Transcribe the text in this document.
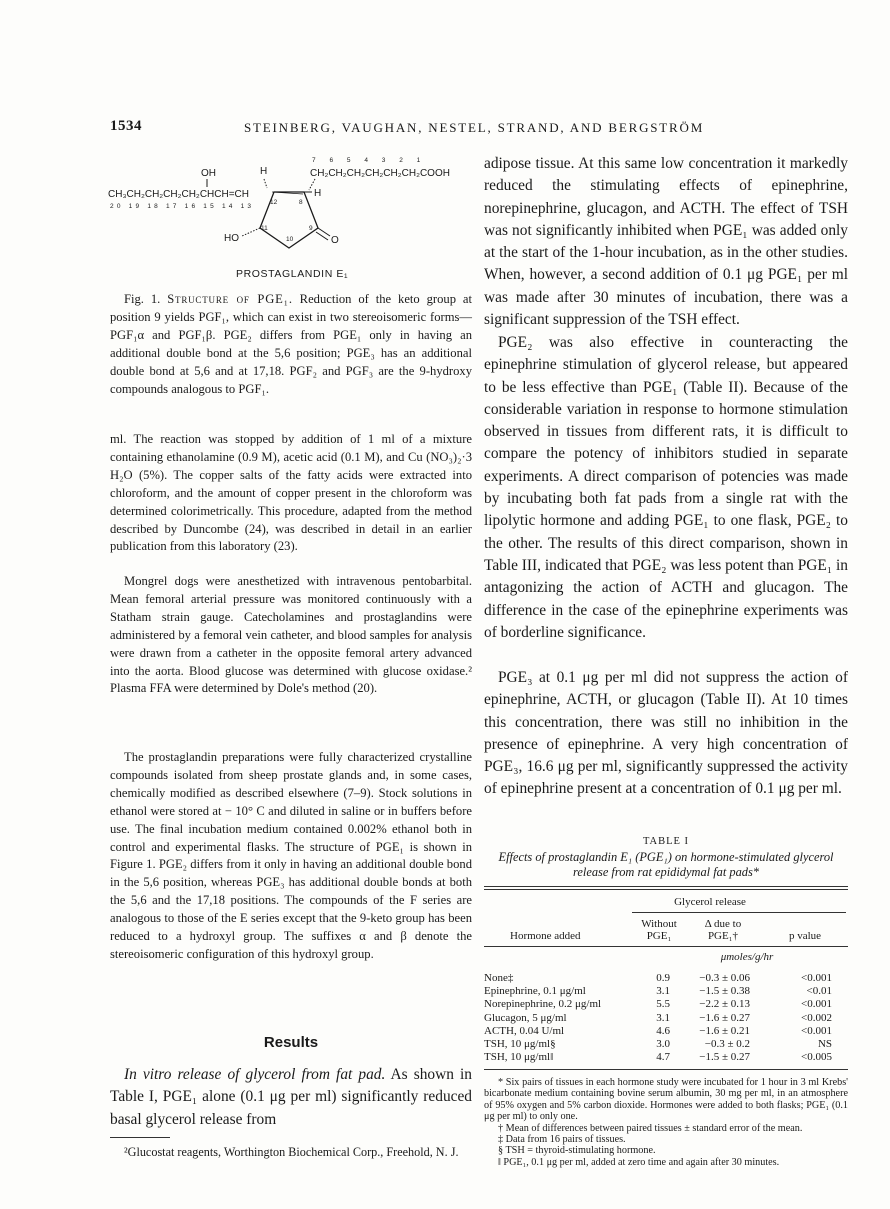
1534	STEINBERG, VAUGHAN, NESTEL, STRAND, AND BERGSTRÖM
OH
CH₃CH₂CH₂CH₂CH₂CHCH=CH
20 19 18 17 16 15 14 13
H
7 6 5 4 3 2 1
CH₂CH₂CH₂CH₂CH₂CH₂COOH
12	8
11
10
9
H
HO	O
PROSTAGLANDIN E₁

Fig. 1. Structure of PGE₁. Reduction of the keto group at position 9 yields PGF₁, which can exist in two stereoisomeric forms—PGF₁α and PGF₁β. PGE₂ differs from PGE₁ only in having an additional double bond at the 5,6 position; PGE₃ has an additional double bond at 5,6 and at 17,18. PGF₂ and PGF₃ are the 9-hydroxy compounds analogous to PGF₁.

ml. The reaction was stopped by addition of 1 ml of a mixture containing ethanolamine (0.9 M), acetic acid (0.1 M), and Cu (NO₃)₂·3 H₂O (5%). The copper salts of the fatty acids were extracted into chloroform, and the amount of copper present in the chloroform was determined colorimetrically. This procedure, adapted from the method described by Duncombe (24), was described in detail in an earlier publication from this laboratory (23).

Mongrel dogs were anesthetized with intravenous pentobarbital. Mean femoral arterial pressure was monitored continuously with a Statham strain gauge. Catecholamines and prostaglandins were administered by a femoral vein catheter, and blood samples for analysis were drawn from a catheter in the opposite femoral artery advanced into the aorta. Blood glucose was determined with glucose oxidase.² Plasma FFA were determined by Dole's method (20).

The prostaglandin preparations were fully characterized crystalline compounds isolated from sheep prostate glands and, in some cases, chemically modified as described elsewhere (7–9). Stock solutions in ethanol were stored at − 10° C and diluted in saline or in buffers before use. The final incubation medium contained 0.002% ethanol both in control and experimental flasks. The structure of PGE₁ is shown in Figure 1. PGE₂ differs from it only in having an additional double bond in the 5,6 position, whereas PGE₃ has additional double bonds at both the 5,6 and the 17,18 positions. The compounds of the F series are analogous to those of the E series except that the 9-keto group has been reduced to a hydroxyl group. The suffixes α and β denote the stereoisomeric configuration of this hydroxyl group.

Results

In vitro release of glycerol from fat pad. As shown in Table I, PGE₁ alone (0.1 μg per ml) significantly reduced basal glycerol release from

²Glucostat reagents, Worthington Biochemical Corp., Freehold, N. J.

adipose tissue. At this same low concentration it markedly reduced the stimulating effects of epinephrine, norepinephrine, glucagon, and ACTH. The effect of TSH was not significantly inhibited when PGE₁ was added only at the start of the 1-hour incubation, as in the other studies. When, however, a second addition of 0.1 μg PGE₁ per ml was made after 30 minutes of incubation, there was a significant suppression of the TSH effect.

PGE₂ was also effective in counteracting the epinephrine stimulation of glycerol release, but appeared to be less effective than PGE₁ (Table II). Because of the considerable variation in response to hormone stimulation observed in tissues from different rats, it is difficult to compare the potency of inhibitors studied in separate experiments. A direct comparison of potencies was made by incubating both fat pads from a single rat with the lipolytic hormone and adding PGE₁ to one flask, PGE₂ to the other. The results of this direct comparison, shown in Table III, indicated that PGE₂ was less potent than PGE₁ in antagonizing the action of ACTH and glucagon. The difference in the case of the epinephrine experiments was of borderline significance.

PGE₃ at 0.1 μg per ml did not suppress the action of epinephrine, ACTH, or glucagon (Table II). At 10 times this concentration, there was still no inhibition in the presence of epinephrine. A very high concentration of PGE₃, 16.6 μg per ml, significantly suppressed the activity of epinephrine present at a concentration of 0.1 μg per ml.

TABLE I
Effects of prostaglandin E₁ (PGE₁) on hormone-stimulated glycerol release from rat epididymal fat pads*
Glycerol release
Hormone added
Without PGE₁
Δ due to PGE₁†	p value
μmoles/g/hr
None‡	0.9	−0.3 ± 0.06	<0.001
Epinephrine, 0.1 μg/ml	3.1	−1.5 ± 0.38	<0.01
Norepinephrine, 0.2 μg/ml	5.5	−2.2 ± 0.13	<0.001
Glucagon, 5 μg/ml	3.1	−1.6 ± 0.27	<0.002
ACTH, 0.04 U/ml	4.6	−1.6 ± 0.21	<0.001
TSH, 10 μg/ml§	3.0	−0.3 ± 0.2	NS
TSH, 10 μg/ml‖	4.7	−1.5 ± 0.27	<0.005
* Six pairs of tissues in each hormone study were incubated for 1 hour in 3 ml Krebs' bicarbonate medium containing bovine serum albumin, 30 mg per ml, in an atmosphere of 95% oxygen and 5% carbon dioxide. Hormones were added to both flasks; PGE₁ (0.1 μg per ml) to only one.
† Mean of differences between paired tissues ± standard error of the mean.
‡ Data from 16 pairs of tissues.
§ TSH = thyroid-stimulating hormone.
‖ PGE₁, 0.1 μg per ml, added at zero time and again after 30 minutes.
